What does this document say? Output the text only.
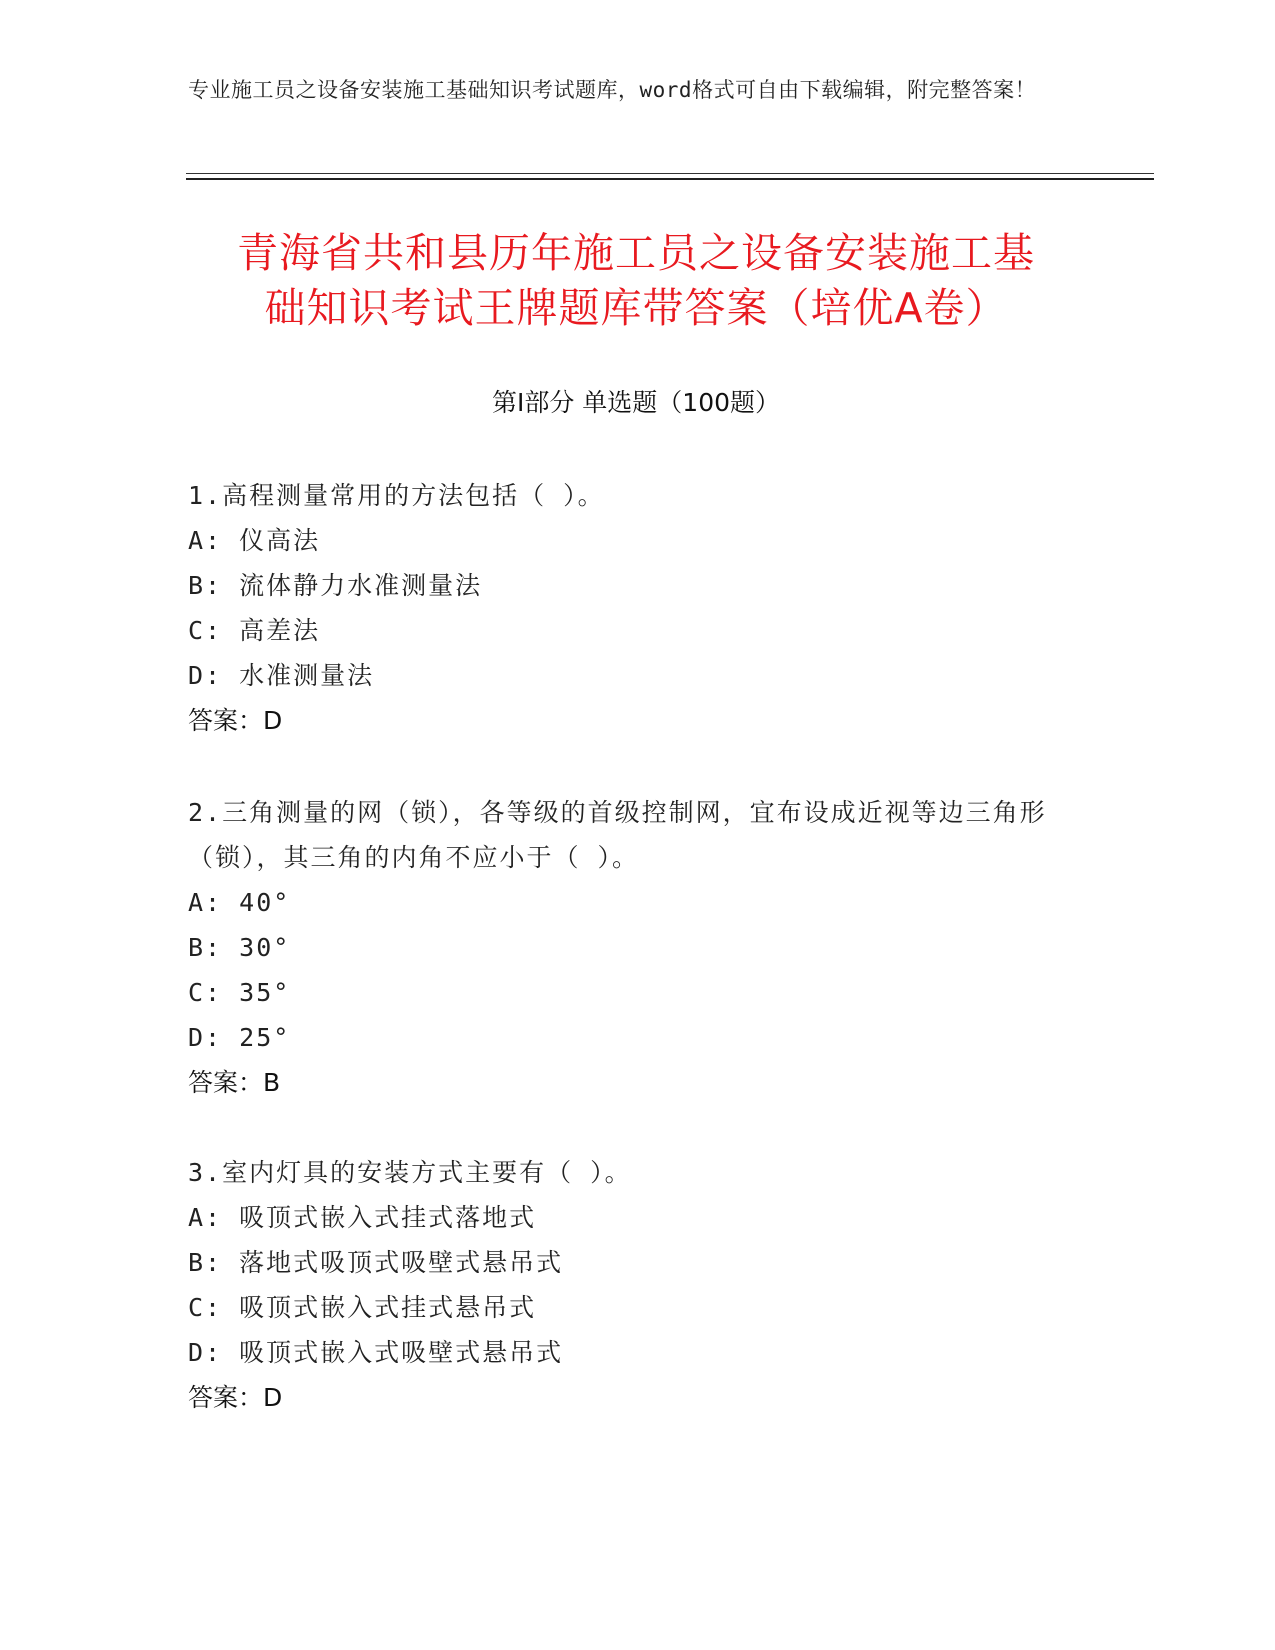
专业施工员之设备安装施工基础知识考试题库，word格式可自由下载编辑，附完整答案！
青海省共和县历年施工员之设备安装施工基
础知识考试王牌题库带答案（培优A卷）
第Ⅰ部分 单选题（100题）
1.高程测量常用的方法包括（ ）。
A: 仪高法
B: 流体静力水准测量法
C: 高差法
D: 水准测量法
答案：D
2.三角测量的网（锁），各等级的首级控制网，宜布设成近视等边三角形（锁），其三角的内角不应小于（ ）。
A: 40°
B: 30°
C: 35°
D: 25°
答案：B
3.室内灯具的安装方式主要有（ ）。
A: 吸顶式嵌入式挂式落地式
B: 落地式吸顶式吸壁式悬吊式
C: 吸顶式嵌入式挂式悬吊式
D: 吸顶式嵌入式吸壁式悬吊式
答案：D
